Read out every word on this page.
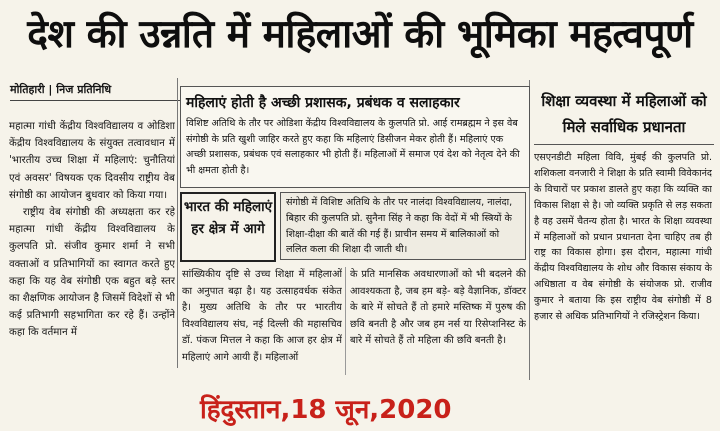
देश की उन्नति में महिलाओं की भूमिका महत्वपूर्ण
मोतिहारी | निज प्रतिनिधि

महात्मा गांधी केंद्रीय विश्वविद्यालय व ओडिशा केंद्रीय विश्वविद्यालय के संयुक्त तत्वावधान में 'भारतीय उच्च शिक्षा में महिलाएं: चुनौतियां एवं अवसर' विषयक एक दिवसीय राष्ट्रीय वेब संगोष्ठी का आयोजन बुधवार को किया गया।

राष्ट्रीय वेब संगोष्ठी की अध्यक्षता कर रहे महात्मा गांधी केंद्रीय विश्वविद्यालय के कुलपति प्रो. संजीव कुमार शर्मा ने सभी वक्ताओं व प्रतिभागियों का स्वागत करते हुए कहा कि यह वेब संगोष्ठी एक बहुत बड़े स्तर का शैक्षणिक आयोजन है जिसमें विदेशों से भी कई प्रतिभागी सहभागिता कर रहे हैं। उन्होंने कहा कि वर्तमान में

महिलाएं होती है अच्छी प्रशासक, प्रबंधक व सलाहकार
विशिष्ट अतिथि के तौर पर ओडिशा केंद्रीय विश्वविद्यालय के कुलपति प्रो. आई रामब्रह्मम ने इस वेब संगोष्ठी के प्रति खुशी जाहिर करते हुए कहा कि महिलाएं डिसीजन मेकर होती हैं। महिलाएं एक अच्छी प्रशासक, प्रबंधक एवं सलाहकार भी होती हैं। महिलाओं में समाज एवं देश को नेतृत्व देने की भी क्षमता होती है।
भारत की महिलाएं हर क्षेत्र में आगे
संगोष्ठी में विशिष्ट अतिथि के तौर पर नालंदा विश्वविद्यालय, नालंदा, बिहार की कुलपति प्रो. सुनैना सिंह ने कहा कि वेदों में भी स्त्रियों के शिक्षा-दीक्षा की बातें की गई हैं। प्राचीन समय में बालिकाओं को ललित कला की शिक्षा दी जाती थी।
सांख्यिकीय दृष्टि से उच्च शिक्षा में महिलाओं का अनुपात बढ़ा है। यह उत्साहवर्धक संकेत है। मुख्य अतिथि के तौर पर भारतीय विश्वविद्यालय संघ, नई दिल्ली की महासचिव डॉ. पंकज मित्तल ने कहा कि आज हर क्षेत्र में महिलाएं आगे आयी हैं। महिलाओं
के प्रति मानसिक अवधारणाओं को भी बदलने की आवश्यकता है, जब हम बड़े- बड़े वैज्ञानिक, डॉक्टर के बारे में सोचते हैं तो हमारे मस्तिष्क में पुरुष की छवि बनती है और जब हम नर्स या रिसेप्शनिस्ट के बारे में सोचते हैं तो महिला की छवि बनती है।
शिक्षा व्यवस्था में महिलाओं को मिले सर्वाधिक प्रधानता
एसएनडीटी महिला विवि, मुंबई की कुलपति प्रो. शशिकला वनजारी ने शिक्षा के प्रति स्वामी विवेकानंद के विचारों पर प्रकाश डालते हुए कहा कि व्यक्ति का विकास शिक्षा से है। जो व्यक्ति प्रकृति से लड़ सकता है वह उसमें चैतन्य होता है। भारत के शिक्षा व्यवस्था में महिलाओं को प्रधान प्रधानता देना चाहिए तब ही राष्ट्र का विकास होगा। इस दौरान, महात्मा गांधी केंद्रीय विश्वविद्यालय के शोध और विकास संकाय के अधिष्ठाता व वेब संगोष्ठी के संयोजक प्रो. राजीव कुमार ने बताया कि इस राष्ट्रीय वेब संगोष्ठी में 8 हजार से अधिक प्रतिभागियों ने रजिस्ट्रेशन किया।
हिंदुस्तान,18 जून,2020
